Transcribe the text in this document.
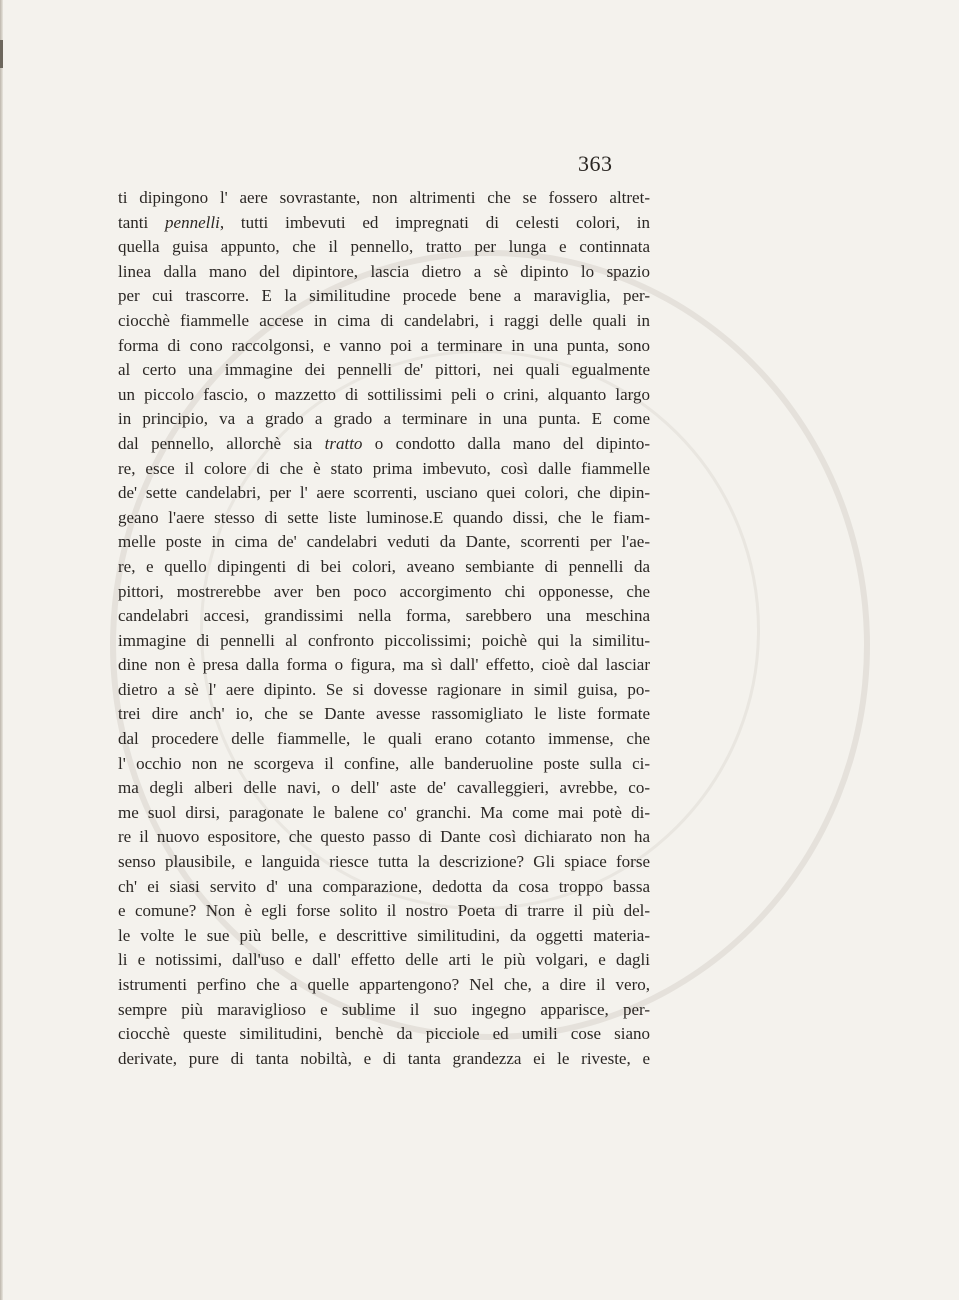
363
ti dipingono l' aere sovrastante, non altrimenti che se fossero altret-
tanti pennelli, tutti imbevuti ed impregnati di celesti colori, in
quella guisa appunto, che il pennello, tratto per lunga e continnata
linea dalla mano del dipintore, lascia dietro a sè dipinto lo spazio
per cui trascorre. E la similitudine procede bene a maraviglia, per-
ciocchè fiammelle accese in cima di candelabri, i raggi delle quali in
forma di cono raccolgonsi, e vanno poi a terminare in una punta, sono
al certo una immagine dei pennelli de' pittori, nei quali egualmente
un piccolo fascio, o mazzetto di sottilissimi peli o crini, alquanto largo
in principio, va a grado a grado a terminare in una punta. E come
dal pennello, allorchè sia tratto o condotto dalla mano del dipinto-
re, esce il colore di che è stato prima imbevuto, così dalle fiammelle
de' sette candelabri, per l' aere scorrenti, usciano quei colori, che dipin-
geano l'aere stesso di sette liste luminose.E quando dissi, che le fiam-
melle poste in cima de' candelabri veduti da Dante, scorrenti per l'ae-
re, e quello dipingenti di bei colori, aveano sembiante di pennelli da
pittori, mostrerebbe aver ben poco accorgimento chi opponesse, che
candelabri accesi, grandissimi nella forma, sarebbero una meschina
immagine di pennelli al confronto piccolissimi; poichè qui la similitu-
dine non è presa dalla forma o figura, ma sì dall' effetto, cioè dal lasciar
dietro a sè l' aere dipinto. Se si dovesse ragionare in simil guisa, po-
trei dire anch' io, che se Dante avesse rassomigliato le liste formate
dal procedere delle fiammelle, le quali erano cotanto immense, che
l' occhio non ne scorgeva il confine, alle banderuoline poste sulla ci-
ma degli alberi delle navi, o dell' aste de' cavalleggieri, avrebbe, co-
me suol dirsi, paragonate le balene co' granchi. Ma come mai potè di-
re il nuovo espositore, che questo passo di Dante così dichiarato non ha
senso plausibile, e languida riesce tutta la descrizione? Gli spiace forse
ch' ei siasi servito d' una comparazione, dedotta da cosa troppo bassa
e comune? Non è egli forse solito il nostro Poeta di trarre il più del-
le volte le sue più belle, e descrittive similitudini, da oggetti materia-
li e notissimi, dall'uso e dall' effetto delle arti le più volgari, e dagli
istrumenti perfino che a quelle appartengono? Nel che, a dire il vero,
sempre più maraviglioso e sublime il suo ingegno apparisce, per-
ciocchè queste similitudini, benchè da picciole ed umili cose siano
derivate, pure di tanta nobiltà, e di tanta grandezza ei le riveste, e
